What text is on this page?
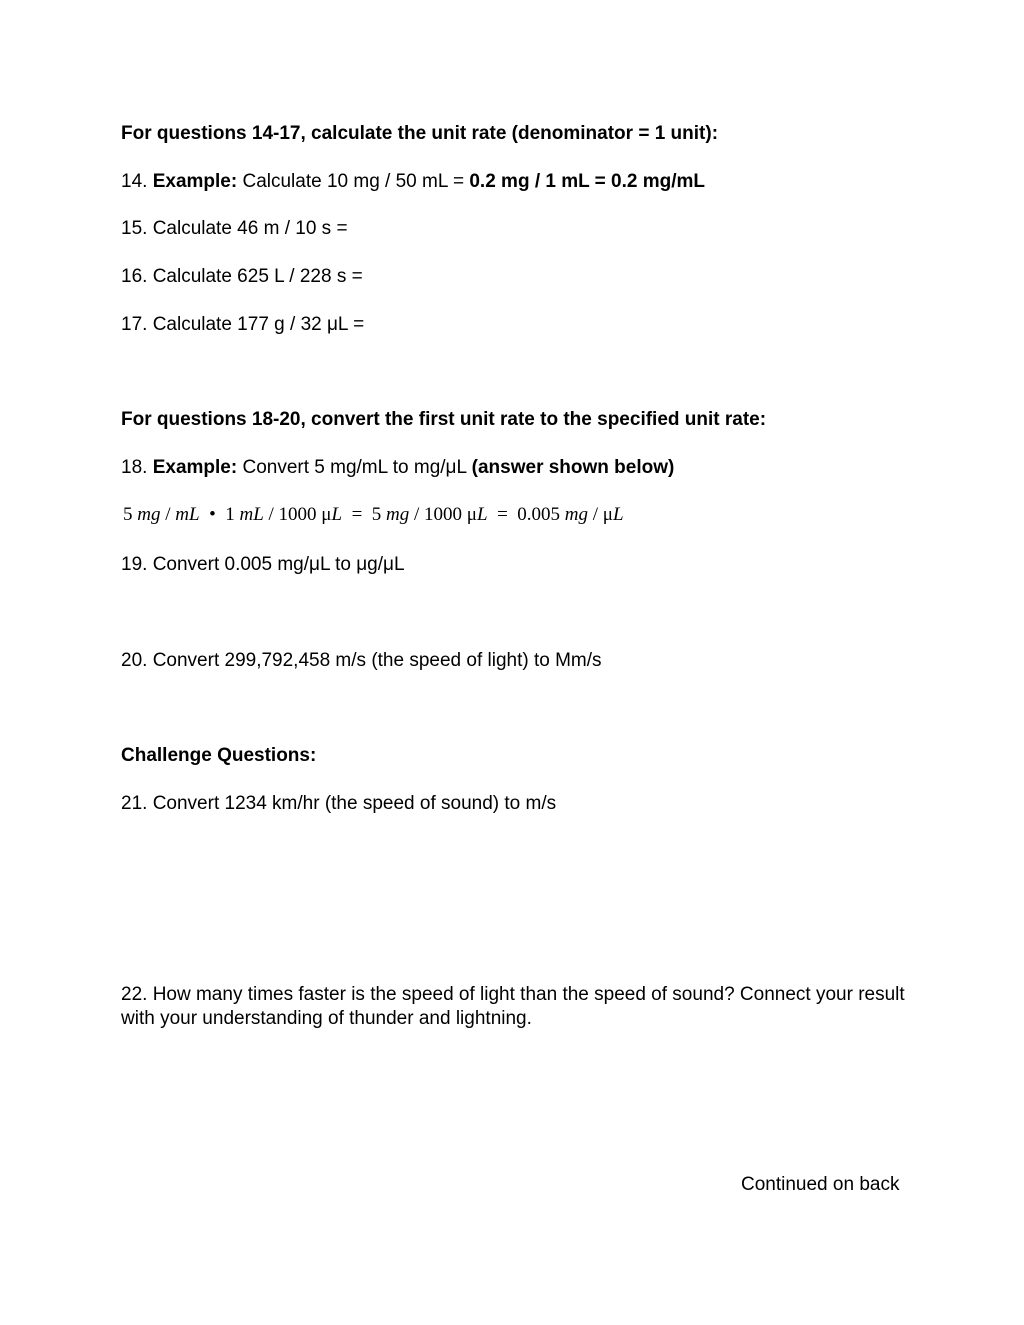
For questions 14-17, calculate the unit rate (denominator = 1 unit):
14. Example: Calculate 10 mg / 50 mL = 0.2 mg / 1 mL = 0.2 mg/mL
15. Calculate 46 m / 10 s =
16. Calculate 625 L / 228 s =
17. Calculate 177 g / 32 μL =
For questions 18-20, convert the first unit rate to the specified unit rate:
18. Example: Convert 5 mg/mL to mg/μL (answer shown below)
5 mg / mL  •  1 mL / 1000 μL  =  5 mg / 1000 μL  =  0.005 mg / μL
19. Convert 0.005 mg/μL to μg/μL
20. Convert 299,792,458 m/s (the speed of light) to Mm/s
Challenge Questions:
21. Convert 1234 km/hr (the speed of sound) to m/s
22. How many times faster is the speed of light than the speed of sound? Connect your result with your understanding of thunder and lightning.
Continued on back
